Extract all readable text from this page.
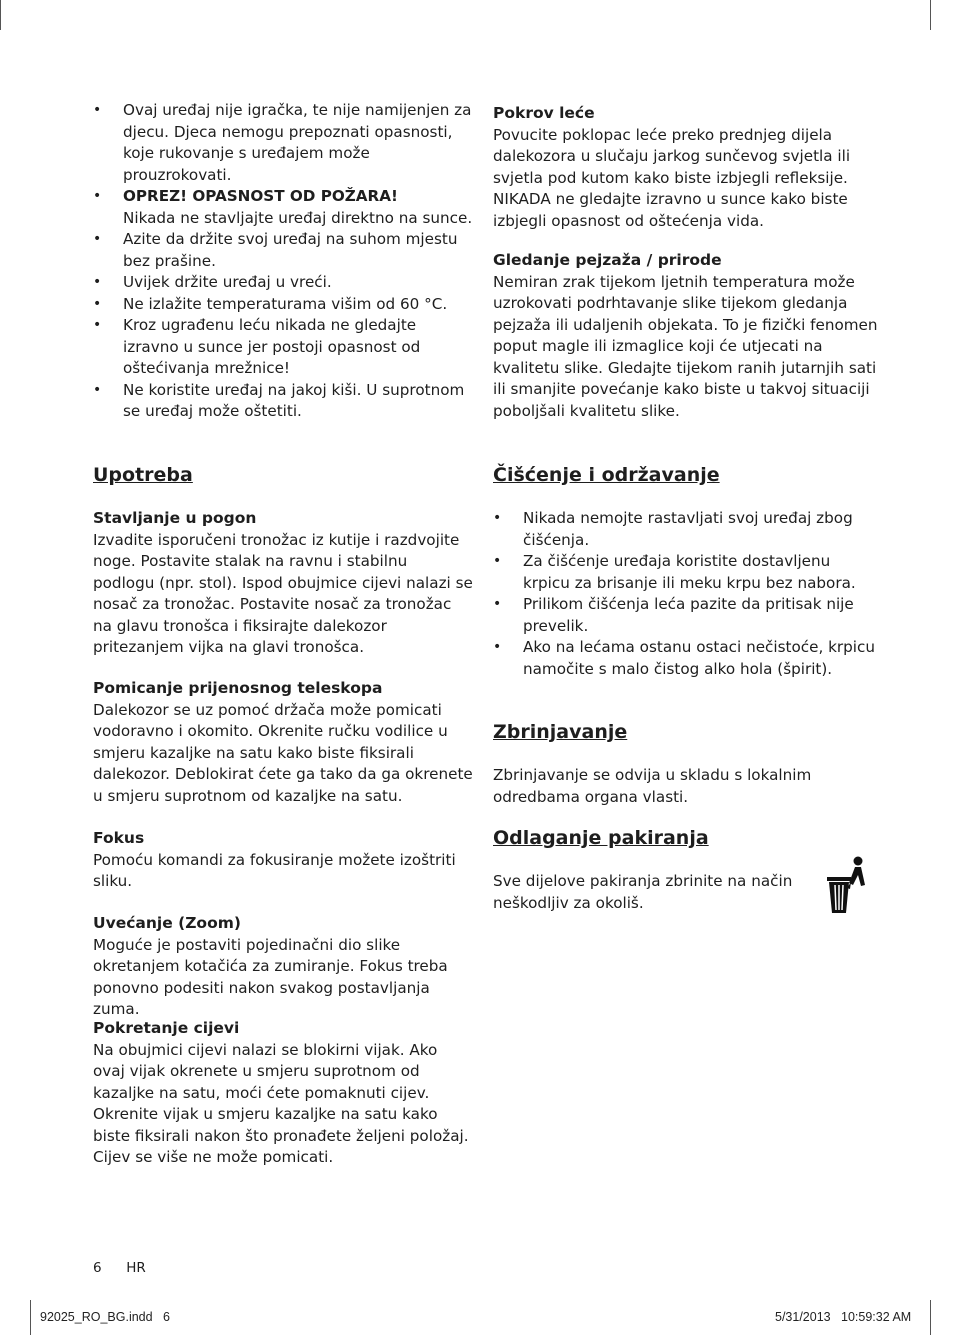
• Ovaj uređaj nije igračka, te nije namijenjen za djecu. Djeca nemogu prepoznati opasnosti, koje rukovanje s uređajem može prouzrokovati.
• OPREZ! OPASNOST OD POŽARA!
Nikada ne stavljajte uređaj direktno na sunce.
• Azite da držite svoj uređaj na suhom mjestu bez prašine.
• Uvijek držite uređaj u vreći.
• Ne izlažite temperaturama višim od 60 °C.
• Kroz ugrađenu leću nikada ne gledajte izravno u sunce jer postoji opasnost od oštećivanja mrežnice!
• Ne koristite uređaj na jakoj kiši. U suprotnom se uređaj može oštetiti.
Upotreba
Stavljanje u pogon

Izvadite isporučeni tronožac iz kutije i razdvojite noge. Postavite stalak na ravnu i stabilnu podlogu (npr. stol). Ispod obujmice cijevi nalazi se nosač za tronožac. Postavite nosač za tronožac na glavu tronošca i fiksirajte dalekozor pritezanjem vijka na glavi tronošca.

Pomicanje prijenosnog teleskopa

Dalekozor se uz pomoć držača može pomicati vodoravno i okomito. Okrenite ručku vodilice u smjeru kazaljke na satu kako biste fiksirali dalekozor. Deblokirat ćete ga tako da ga okrenete u smjeru suprotnom od kazaljke na satu.

Fokus

Pomoću komandi za fokusiranje možete izoštriti sliku.

Uvećanje (Zoom)

Moguće je postaviti pojedinačni dio slike okretanjem kotačića za zumiranje. Fokus treba ponovno podesiti nakon svakog postavljanja zuma.

Pokretanje cijevi

Na obujmici cijevi nalazi se blokirni vijak. Ako ovaj vijak okrenete u smjeru suprotnom od kazaljke na satu, moći ćete pomaknuti cijev. Okrenite vijak u smjeru kazaljke na satu kako biste fiksirali nakon što pronađete željeni položaj. Cijev se više ne može pomicati.

Pokrov leće

Povucite poklopac leće preko prednjeg dijela dalekozora u slučaju jarkog sunčevog svjetla ili svjetla pod kutom kako biste izbjegli refleksije. NIKADA ne gledajte izravno u sunce kako biste izbjegli opasnost od oštećenja vida.

Gledanje pejzaža / prirode

Nemiran zrak tijekom ljetnih temperatura može uzrokovati podrhtavanje slike tijekom gledanja pejzaža ili udaljenih objekata. To je fizički fenomen poput magle ili izmaglice koji će utjecati na kvalitetu slike. Gledajte tijekom ranih jutarnjih sati ili smanjite povećanje kako biste u takvoj situaciji poboljšali kvalitetu slike.

Čišćenje i održavanje
• Nikada nemojte rastavljati svoj uređaj zbog čišćenja.
• Za čišćenje uređaja koristite dostavljenu krpicu za brisanje ili meku krpu bez nabora.
• Prilikom čišćenja leća pazite da pritisak nije prevelik.
• Ako na lećama ostanu ostaci nečistoće, krpicu namočite s malo čistog alko hola (špirit).
Zbrinjavanje

Zbrinjavanje se odvija u skladu s lokalnim odredbama organa vlasti.

Odlaganje pakiranja

Sve dijelove pakiranja zbrinite na način neškodljiv za okoliš.

6 HR
92025_RO_BG.indd   6	5/31/2013   10:59:32 AM
